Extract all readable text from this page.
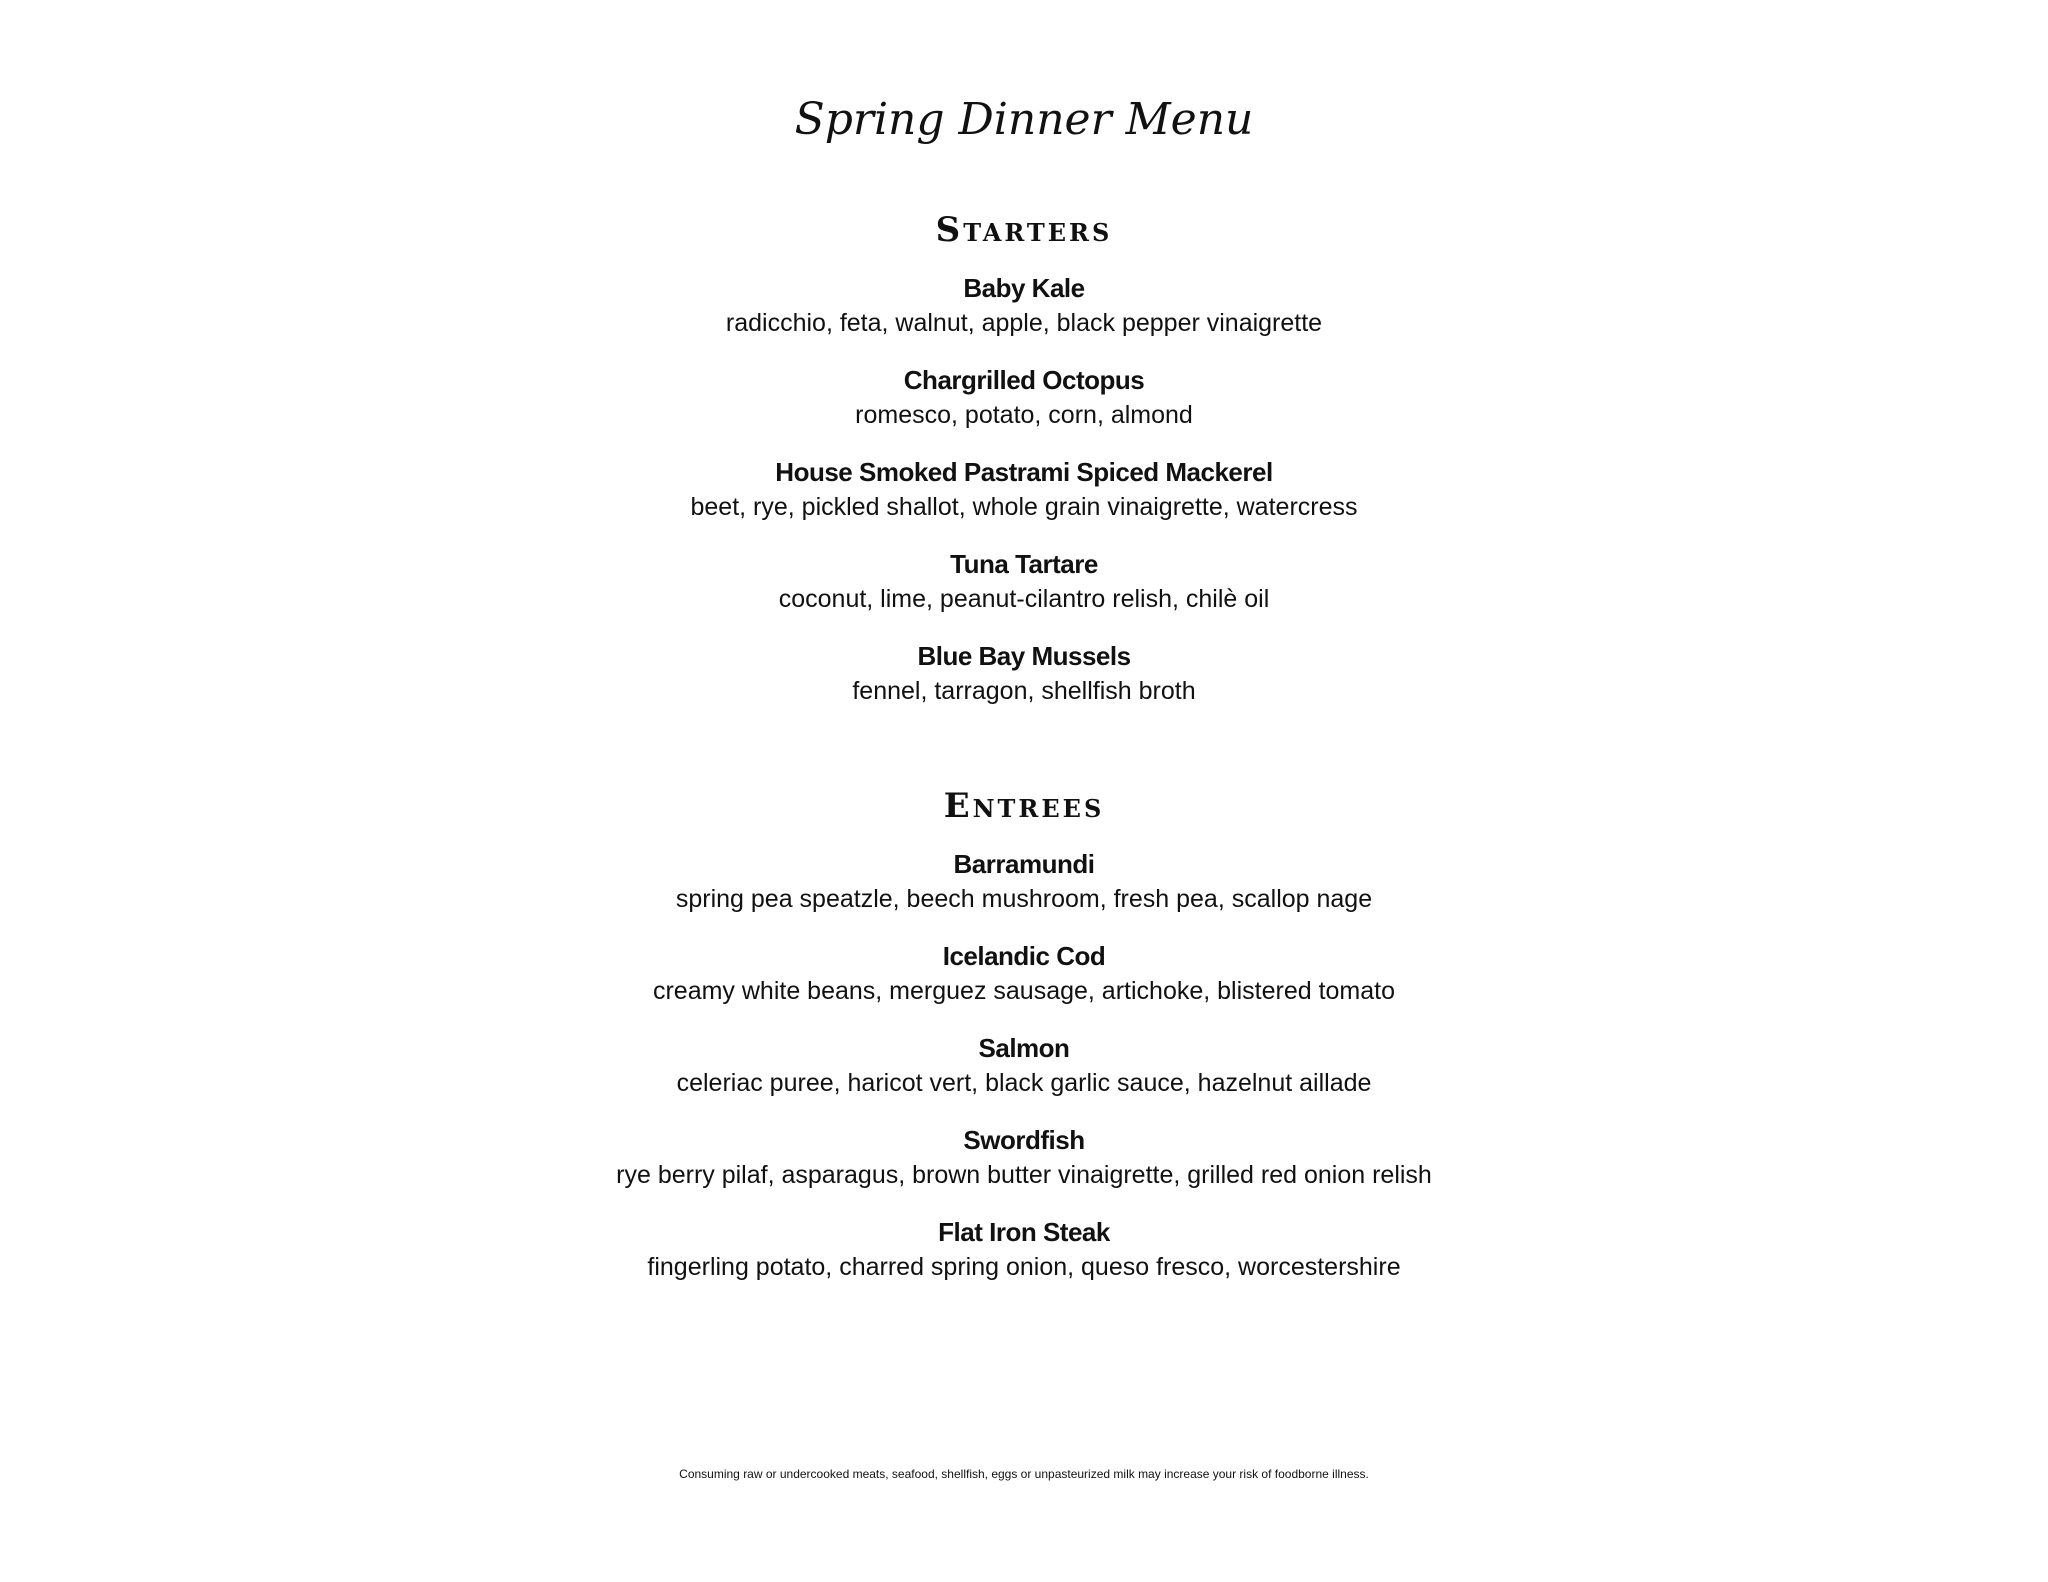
Spring Dinner Menu
Starters
Baby Kale
radicchio, feta, walnut, apple, black pepper vinaigrette
Chargrilled Octopus
romesco, potato, corn, almond
House Smoked Pastrami Spiced Mackerel
beet, rye, pickled shallot, whole grain vinaigrette, watercress
Tuna Tartare
coconut, lime, peanut-cilantro relish, chilè oil
Blue Bay Mussels
fennel, tarragon, shellfish broth
Entrees
Barramundi
spring pea speatzle, beech mushroom, fresh pea, scallop nage
Icelandic Cod
creamy white beans, merguez sausage, artichoke, blistered tomato
Salmon
celeriac puree, haricot vert, black garlic sauce, hazelnut aillade
Swordfish
rye berry pilaf, asparagus, brown butter vinaigrette, grilled red onion relish
Flat Iron Steak
fingerling potato, charred spring onion, queso fresco, worcestershire
Consuming raw or undercooked meats, seafood, shellfish, eggs or unpasteurized milk may increase your risk of foodborne illness.
